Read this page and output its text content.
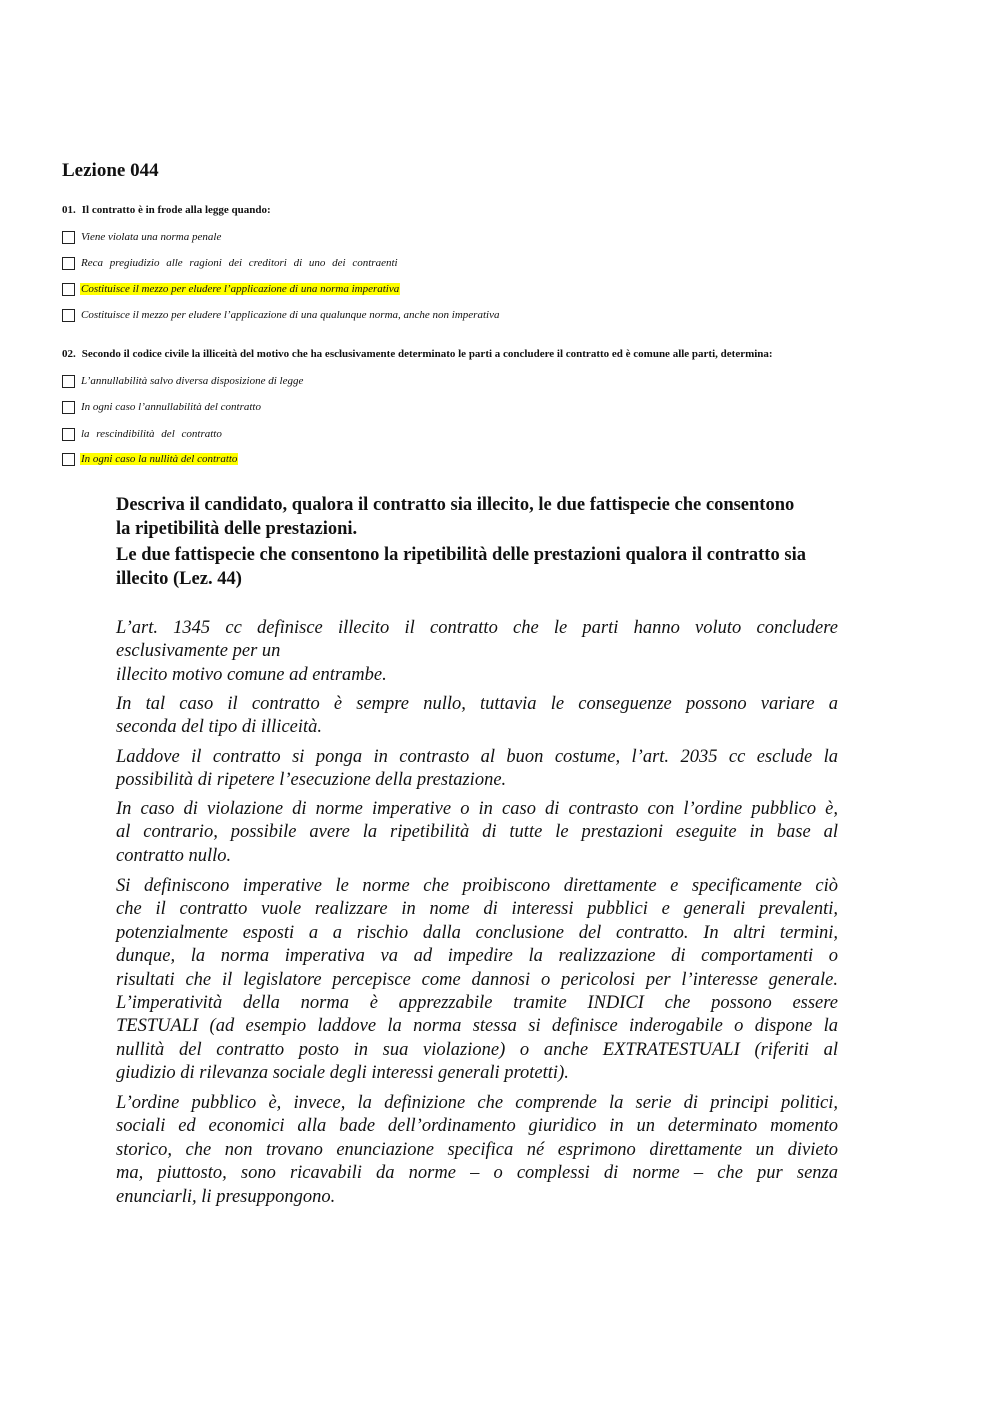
Lezione 044
01. Il contratto è in frode alla legge quando:
Viene violata una norma penale
Reca pregiudizio alle ragioni dei creditori di uno dei contraenti
Costituisce il mezzo per eludere l’applicazione di una norma imperativa
Costituisce il mezzo per eludere l’applicazione di una qualunque norma, anche non imperativa
02. Secondo il codice civile la illiceità del motivo che ha esclusivamente determinato le parti a concludere il contratto ed è comune alle parti, determina:
L’annullabilità salvo diversa disposizione di legge
In ogni caso l’annullabilità del contratto
la rescindibilità del contratto
In ogni caso la nullità del contratto
Descriva il candidato, qualora il contratto sia illecito, le due fattispecie che consentono la ripetibilità delle prestazioni.
Le due fattispecie che consentono la ripetibilità delle prestazioni qualora il contratto sia illecito (Lez. 44)

L’art. 1345 cc definisce illecito il contratto che le parti hanno voluto concludere
esclusivamente per un
illecito motivo comune ad entrambe.

In tal caso il contratto è sempre nullo, tuttavia le conseguenze possono variare a
seconda del tipo di illiceità.

Laddove il contratto si ponga in contrasto al buon costume, l’art. 2035 cc esclude la
possibilità di ripetere l’esecuzione della prestazione.

In caso di violazione di norme imperative o in caso di contrasto con l’ordine pubblico è,
al contrario, possibile avere la ripetibilità di tutte le prestazioni eseguite in base al
contratto nullo.

Si definiscono imperative le norme che proibiscono direttamente e specificamente ciò
che il contratto vuole realizzare in nome di interessi pubblici e generali prevalenti,
potenzialmente esposti a a rischio dalla conclusione del contratto. In altri termini,
dunque, la norma imperativa va ad impedire la realizzazione di comportamenti o
risultati che il legislatore percepisce come dannosi o pericolosi per l’interesse generale.
L’imperatività della norma è apprezzabile tramite INDICI che possono essere
TESTUALI (ad esempio laddove la norma stessa si definisce inderogabile o dispone la
nullità del contratto posto in sua violazione) o anche EXTRATESTUALI (riferiti al
giudizio di rilevanza sociale degli interessi generali protetti).

L’ordine pubblico è, invece, la definizione che comprende la serie di principi politici,
sociali ed economici alla bade dell’ordinamento giuridico in un determinato momento
storico, che non trovano enunciazione specifica né esprimono direttamente un divieto
ma, piuttosto, sono ricavabili da norme – o complessi di norme – che pur senza
enunciarli, li presuppongono.
